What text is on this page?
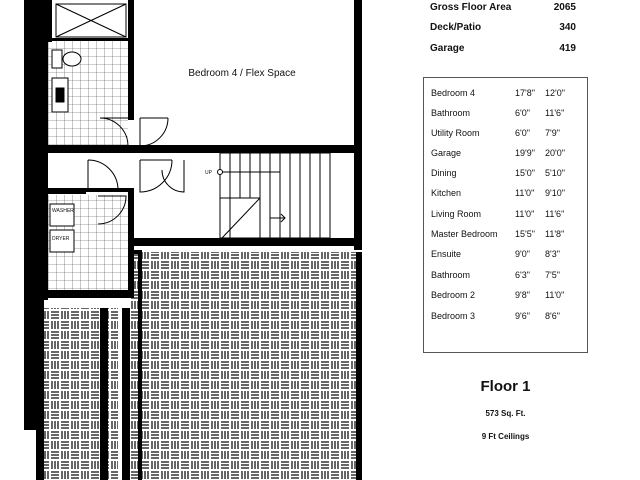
Bedroom 4 / Flex Space
UP
WASHER
DRYER
Gross Floor Area	2065
Deck/Patio	340
Garage	419
Bedroom 4	17'8" 12'0"
Bathroom	6'0" 11'6"
Utility Room	6'0" 7'9"
Garage	19'9" 20'0"
Dining	15'0" 5'10"
Kitchen	11'0" 9'10"
Living Room	11'0" 11'6"
Master Bedroom 15'5" 11'8"
Ensuite	9'0" 8'3"
Bathroom	6'3" 7'5"
Bedroom 2	9'8" 11'0"
Bedroom 3	9'6" 8'6"
Floor 1
573 Sq. Ft.
9 Ft Ceilings
